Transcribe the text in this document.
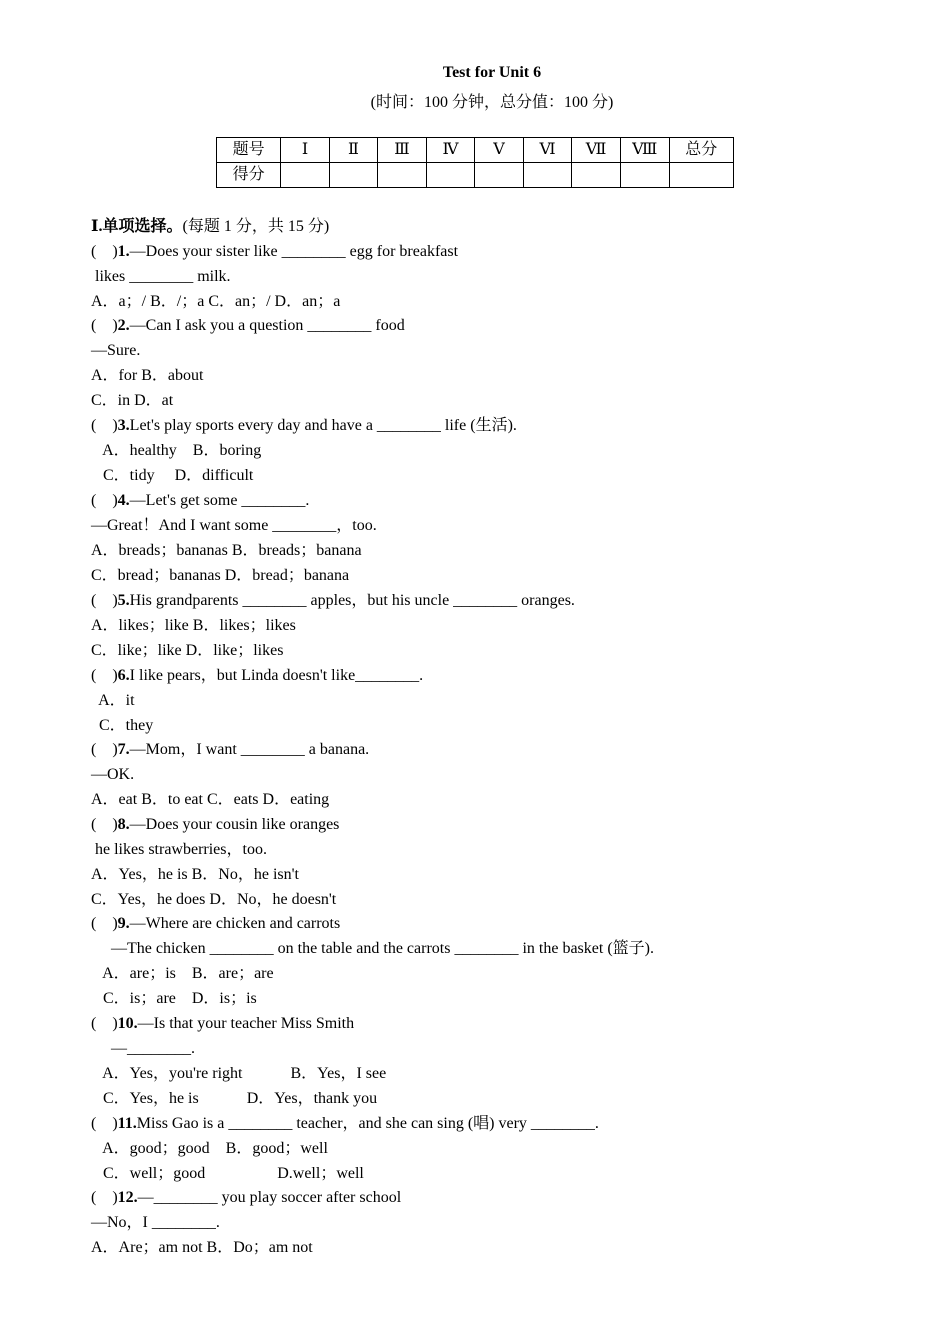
Test for Unit 6
(时间：100 分钟，总分值：100 分)
题号	Ⅰ	Ⅱ	Ⅲ	Ⅳ	Ⅴ	Ⅵ	Ⅶ	Ⅷ	总分
得分									
Ⅰ.单项选择。(每题 1 分，共 15 分)
(　)1.—Does your sister like ________ egg for breakfast
likes ________ milk.
A．a；/ B．/；a C．an；/ D．an；a
(　)2.—Can I ask you a question ________ food
—Sure.
A．for B．about
C．in D．at
(　)3.Let's play sports every day and have a ________ life (生活).
A．healthy　B．boring
C．tidy　 D．difficult
(　)4.—Let's get some ________.
—Great！And I want some ________，too.
A．breads；bananas B．breads；banana
C．bread；bananas D．bread；banana
(　)5.His grandparents ________ apples，but his uncle ________ oranges.
A．likes；like B．likes；likes
C．like；like D．like；likes
(　)6.I like pears，but Linda doesn't like________.
A．it
C．they
(　)7.—Mom，I want ________ a banana.
—OK.
A．eat B．to eat C．eats D．eating
(　)8.—Does your cousin like oranges
he likes strawberries，too.
A．Yes，he is B．No，he isn't
C．Yes，he does D．No，he doesn't
(　)9.—Where are chicken and carrots
—The chicken ________ on the table and the carrots ________ in the basket (篮子).
A．are；is　B．are；are
C．is；are　D．is；is
(　)10.—Is that your teacher Miss Smith
—________.
A．Yes，you're right　　　B．Yes，I see
C．Yes，he is　　　D．Yes，thank you
(　)11.Miss Gao is a ________ teacher，and she can sing (唱) very ________.
A．good；good　B．good；well
C．well；good　　　　  D.well；well
(　)12.—________ you play soccer after school
—No，I ________.
A．Are；am not B．Do；am not
